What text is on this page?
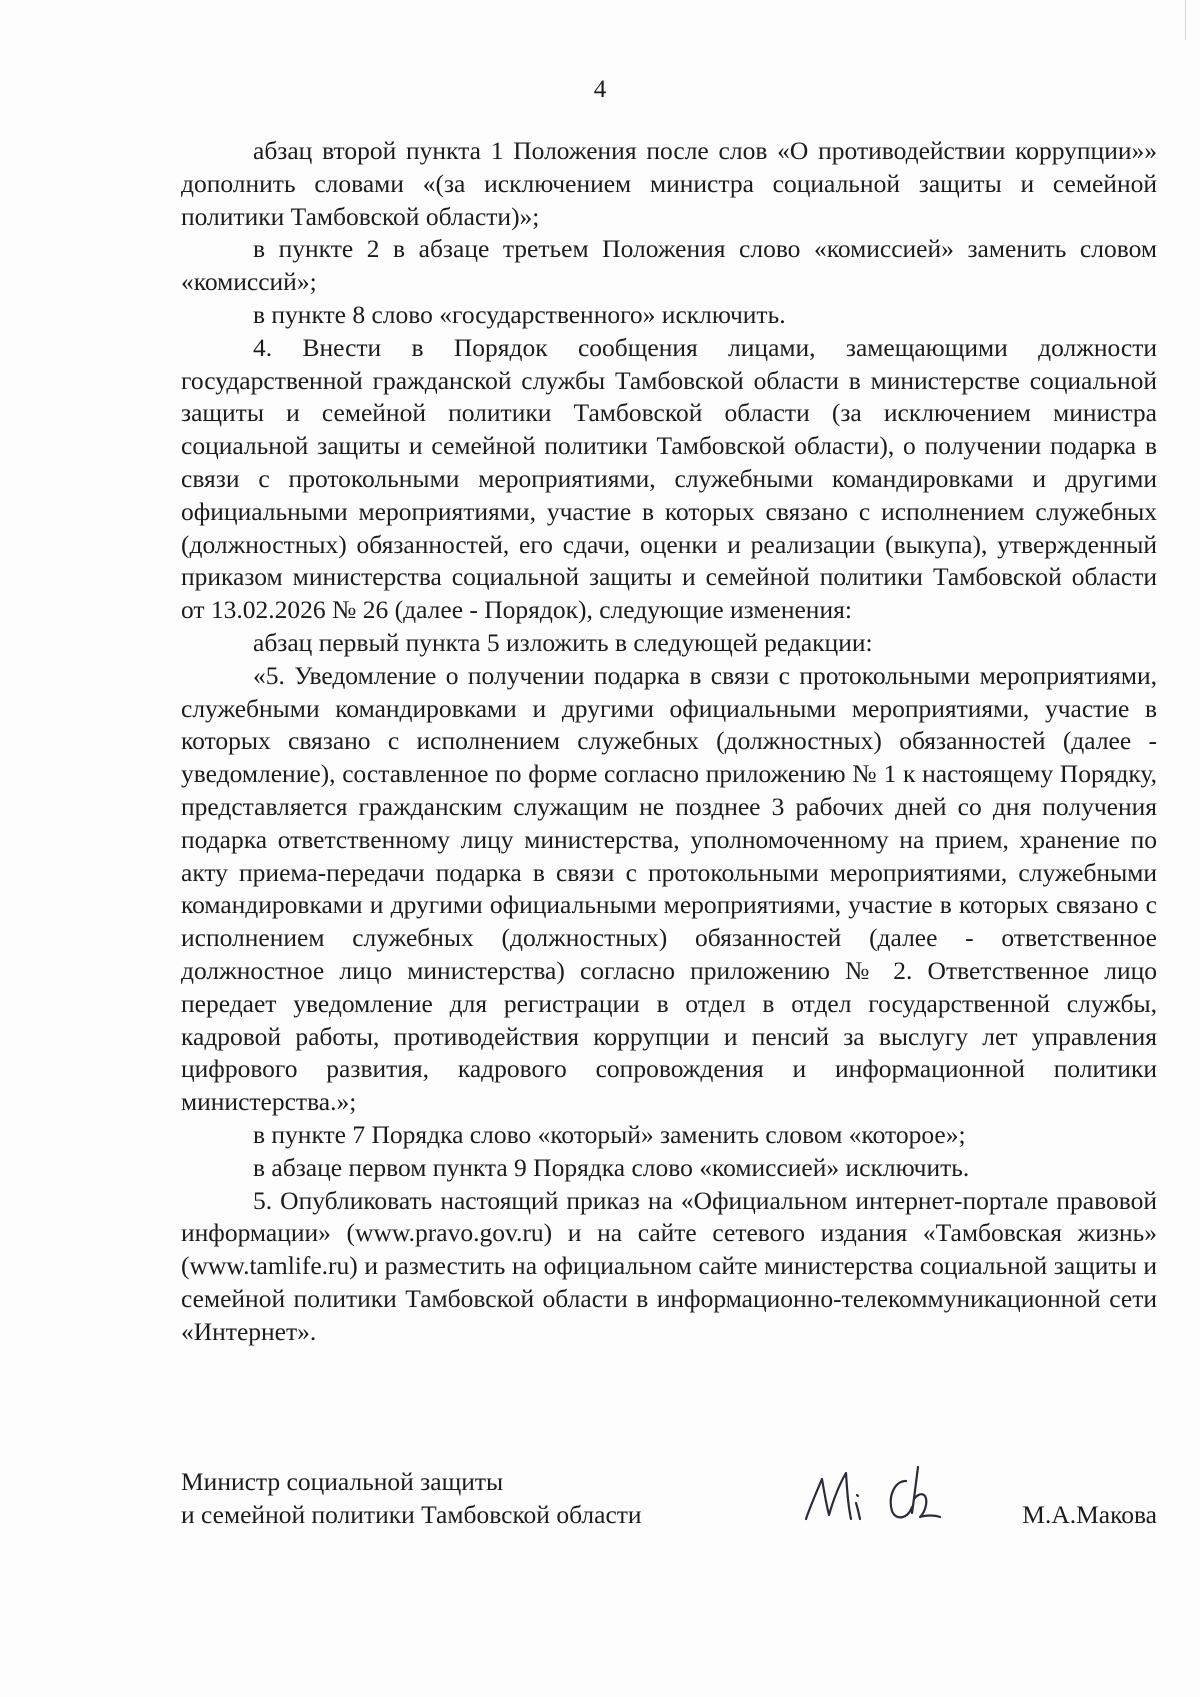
4

абзац второй пункта 1 Положения после слов «О противодействии коррупции»» дополнить словами «(за исключением министра социальной защиты и семейной политики Тамбовской области)»;

в пункте 2 в абзаце третьем Положения слово «комиссией» заменить словом «комиссий»;

в пункте 8 слово «государственного» исключить.

4. Внести в Порядок сообщения лицами, замещающими должности государственной гражданской службы Тамбовской области в министерстве социальной защиты и семейной политики Тамбовской области (за исключением министра социальной защиты и семейной политики Тамбовской области), о получении подарка в связи с протокольными мероприятиями, служебными командировками и другими официальными мероприятиями, участие в которых связано с исполнением служебных (должностных) обязанностей, его сдачи, оценки и реализации (выкупа), утвержденный приказом министерства социальной защиты и семейной политики Тамбовской области от 13.02.2026 № 26 (далее - Порядок), следующие изменения:

абзац первый пункта 5 изложить в следующей редакции:

«5. Уведомление о получении подарка в связи с протокольными мероприятиями, служебными командировками и другими официальными мероприятиями, участие в которых связано с исполнением служебных (должностных) обязанностей (далее - уведомление), составленное по форме согласно приложению № 1 к настоящему Порядку, представляется гражданским служащим не позднее 3 рабочих дней со дня получения подарка ответственному лицу министерства, уполномоченному на прием, хранение по акту приема-передачи подарка в связи с протокольными мероприятиями, служебными командировками и другими официальными мероприятиями, участие в которых связано с исполнением служебных (должностных) обязанностей (далее - ответственное должностное лицо министерства) согласно приложению № 2. Ответственное лицо передает уведомление для регистрации в отдел в отдел государственной службы, кадровой работы, противодействия коррупции и пенсий за выслугу лет управления цифрового развития, кадрового сопровождения и информационной политики министерства.»;

в пункте 7 Порядка слово «который» заменить словом «которое»;

в абзаце первом пункта 9 Порядка слово «комиссией» исключить.

5. Опубликовать настоящий приказ на «Официальном интернет-портале правовой информации» (www.pravo.gov.ru) и на сайте сетевого издания «Тамбовская жизнь» (www.tamlife.ru) и разместить на официальном сайте министерства социальной защиты и семейной политики Тамбовской области в информационно-телекоммуникационной сети «Интернет».

Министр социальной защиты
и семейной политики Тамбовской области	М.А.Макова
